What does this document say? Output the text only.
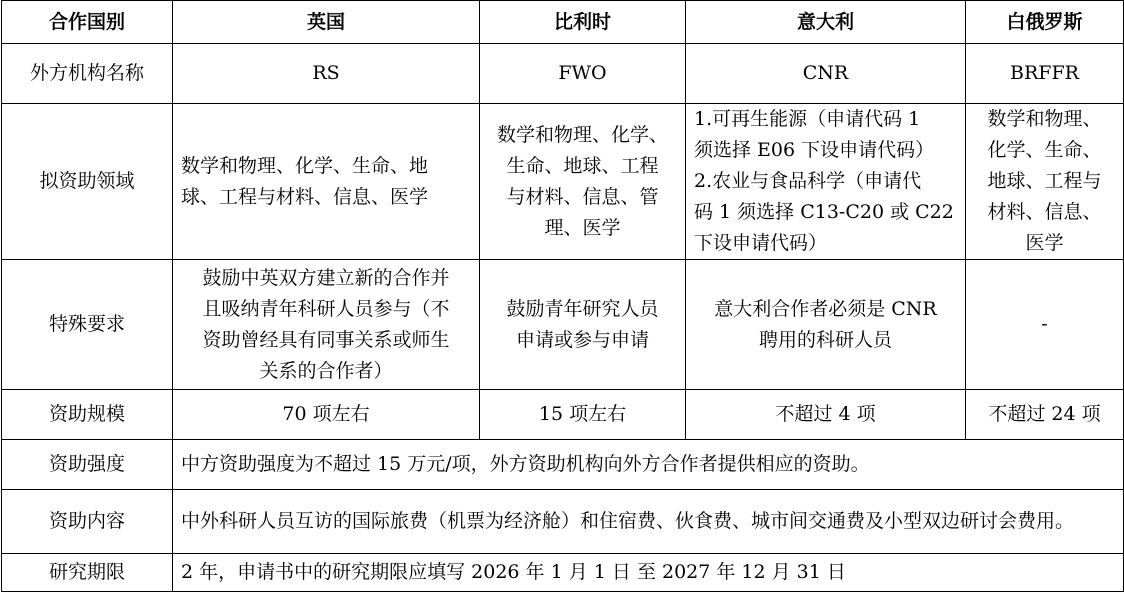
合作国别	英国	比利时	意大利	白俄罗斯
外方机构名称	RS	FWO	CNR	BRFFR
拟资助领域	数学和物理、化学、生命、地
球、工程与材料、信息、医学	数学和物理、化学、
生命、地球、工程
与材料、信息、管
理、医学	1.可再生能源（申请代码 1
须选择 E06 下设申请代码）
2.农业与食品科学（申请代
码 1 须选择 C13-C20 或 C22
下设申请代码）	数学和物理、
化学、生命、
地球、工程与
材料、信息、
医学
特殊要求	鼓励中英双方建立新的合作并
且吸纳青年科研人员参与（不
资助曾经具有同事关系或师生
关系的合作者）	鼓励青年研究人员
申请或参与申请	意大利合作者必须是 CNR
聘用的科研人员	-
资助规模	70 项左右	15 项左右	不超过 4 项	不超过 24 项
资助强度	中方资助强度为不超过 15 万元/项，外方资助机构向外方合作者提供相应的资助。			
资助内容	中外科研人员互访的国际旅费（机票为经济舱）和住宿费、伙食费、城市间交通费及小型双边研讨会费用。			
研究期限	2 年，申请书中的研究期限应填写 2026 年 1 月 1 日 至 2027 年 12 月 31 日			
